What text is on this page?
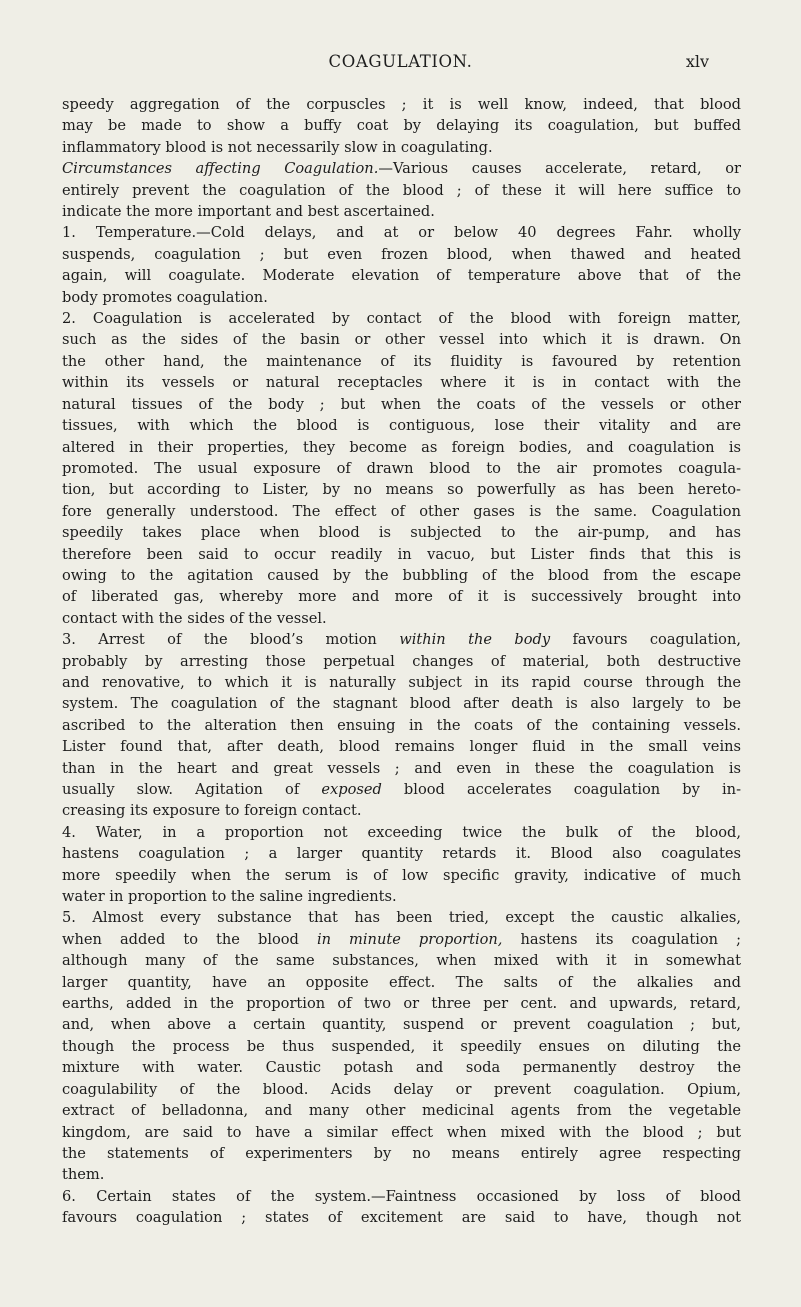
COAGULATION.	xlv

speedy aggregation of the corpuscles ; it is well know, indeed, that blood

may be made to show a buffy coat by delaying its coagulation, but buffed

inflammatory blood is not necessarily slow in coagulating.

Circumstances affecting Coagulation.—Various causes accelerate, retard, or

entirely prevent the coagulation of the blood ; of these it will here suffice to

indicate the more important and best ascertained.

1. Temperature.—Cold delays, and at or below 40 degrees Fahr. wholly

suspends, coagulation ; but even frozen blood, when thawed and heated

again, will coagulate. Moderate elevation of temperature above that of the

body promotes coagulation.

2. Coagulation is accelerated by contact of the blood with foreign matter,

such as the sides of the basin or other vessel into which it is drawn. On

the other hand, the maintenance of its fluidity is favoured by retention

within its vessels or natural receptacles where it is in contact with the

natural tissues of the body ; but when the coats of the vessels or other

tissues, with which the blood is contiguous, lose their vitality and are

altered in their properties, they become as foreign bodies, and coagulation is

promoted. The usual exposure of drawn blood to the air promotes coagula-

tion, but according to Lister, by no means so powerfully as has been hereto-

fore generally understood. The effect of other gases is the same. Coagulation

speedily takes place when blood is subjected to the air-pump, and has

therefore been said to occur readily in vacuo, but Lister finds that this is

owing to the agitation caused by the bubbling of the blood from the escape

of liberated gas, whereby more and more of it is successively brought into

contact with the sides of the vessel.

3. Arrest of the blood’s motion within the body favours coagulation,

probably by arresting those perpetual changes of material, both destructive

and renovative, to which it is naturally subject in its rapid course through the

system. The coagulation of the stagnant blood after death is also largely to be

ascribed to the alteration then ensuing in the coats of the containing vessels.

Lister found that, after death, blood remains longer fluid in the small veins

than in the heart and great vessels ; and even in these the coagulation is

usually slow. Agitation of exposed blood accelerates coagulation by in-

creasing its exposure to foreign contact.

4. Water, in a proportion not exceeding twice the bulk of the blood,

hastens coagulation ; a larger quantity retards it. Blood also coagulates

more speedily when the serum is of low specific gravity, indicative of much

water in proportion to the saline ingredients.

5. Almost every substance that has been tried, except the caustic alkalies,

when added to the blood in minute proportion, hastens its coagulation ;

although many of the same substances, when mixed with it in somewhat

larger quantity, have an opposite effect. The salts of the alkalies and

earths, added in the proportion of two or three per cent. and upwards, retard,

and, when above a certain quantity, suspend or prevent coagulation ; but,

though the process be thus suspended, it speedily ensues on diluting the

mixture with water. Caustic potash and soda permanently destroy the

coagulability of the blood. Acids delay or prevent coagulation. Opium,

extract of belladonna, and many other medicinal agents from the vegetable

kingdom, are said to have a similar effect when mixed with the blood ; but

the statements of experimenters by no means entirely agree respecting

them.

6. Certain states of the system.—Faintness occasioned by loss of blood

favours coagulation ; states of excitement are said to have, though not
